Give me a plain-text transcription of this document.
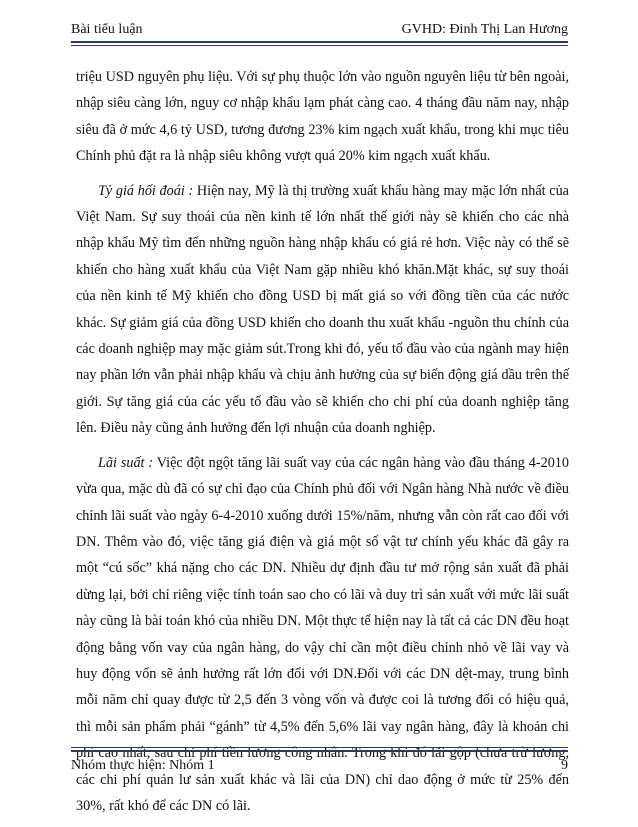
Bài tiểu luận	GVHD: Đinh Thị Lan Hương

triệu USD nguyên phụ liệu. Với sự phụ thuộc lớn vào nguồn nguyên liệu từ bên ngoài, nhập siêu càng lớn, nguy cơ nhập khẩu lạm phát càng cao. 4 tháng đầu năm nay, nhập siêu đã ở mức 4,6 tỷ USD, tương đương 23% kim ngạch xuất khẩu, trong khi mục tiêu Chính phủ đặt ra là nhập siêu không vượt quá 20% kim ngạch xuất khẩu.

Tỷ giá hối đoái : Hiện nay, Mỹ là thị trường xuất khẩu hàng may mặc lớn nhất của Việt Nam. Sự suy thoái của nền kinh tế lớn nhất thế giới này sẽ khiến cho các nhà nhập khẩu Mỹ tìm đến những nguồn hàng nhập khẩu có giá rẻ hơn. Việc này có thể sẽ khiến cho hàng xuất khẩu của Việt Nam gặp nhiều khó khăn.Mặt khác, sự suy thoái của nền kinh tế Mỹ khiến cho đồng USD bị mất giá so với đồng tiền của các nước khác. Sự giảm giá của đồng USD khiến cho doanh thu xuất khẩu -nguồn thu chính của các doanh nghiệp may mặc giảm sút.Trong khi đó, yếu tố đầu vào của ngành may hiện nay phần lớn vẫn phải nhập khẩu và chịu ảnh hưởng của sự biến động giá dầu trên thế giới. Sự tăng giá của các yếu tố đầu vào sẽ khiến cho chi phí của doanh nghiệp tăng lên. Điều này cũng ảnh hưởng đến lợi nhuận của doanh nghiệp.

Lãi suất : Việc đột ngột tăng lãi suất vay của các ngân hàng vào đầu tháng 4-2010 vừa qua, mặc dù đã có sự chỉ đạo của Chính phủ đối với Ngân hàng Nhà nước về điều chỉnh lãi suất vào ngày 6-4-2010 xuống dưới 15%/năm, nhưng vẫn còn rất cao đối với DN. Thêm vào đó, việc tăng giá điện và giá một số vật tư chính yếu khác đã gây ra một “cú sốc” khá nặng cho các DN. Nhiều dự định đầu tư mở rộng sản xuất đã phải dừng lại, bởi chỉ riêng việc tính toán sao cho có lãi và duy trì sản xuất với mức lãi suất này cũng là bài toán khó của nhiều DN. Một thực tế hiện nay là tất cả các DN đều hoạt động bằng vốn vay của ngân hàng, do vậy chỉ cần một điều chỉnh nhỏ về lãi vay và huy động vốn sẽ ảnh hưởng rất lớn đối với DN.Đối với các DN dệt-may, trung bình mỗi năm chỉ quay được từ 2,5 đến 3 vòng vốn và được coi là tương đối có hiệu quả, thì mỗi sản phẩm phải “gánh” từ 4,5% đến 5,6% lãi vay ngân hàng, đây là khoản chi phí cao nhất, sau chi phí tiền lương công nhân. Trong khi đó lãi gộp (chưa trừ lương, các chi phí quản lư sản xuất khác và lãi của DN) chỉ dao động ở mức từ 25% đến 30%, rất khó để các DN có lãi.

Nhóm thực hiện: Nhóm 1	9
